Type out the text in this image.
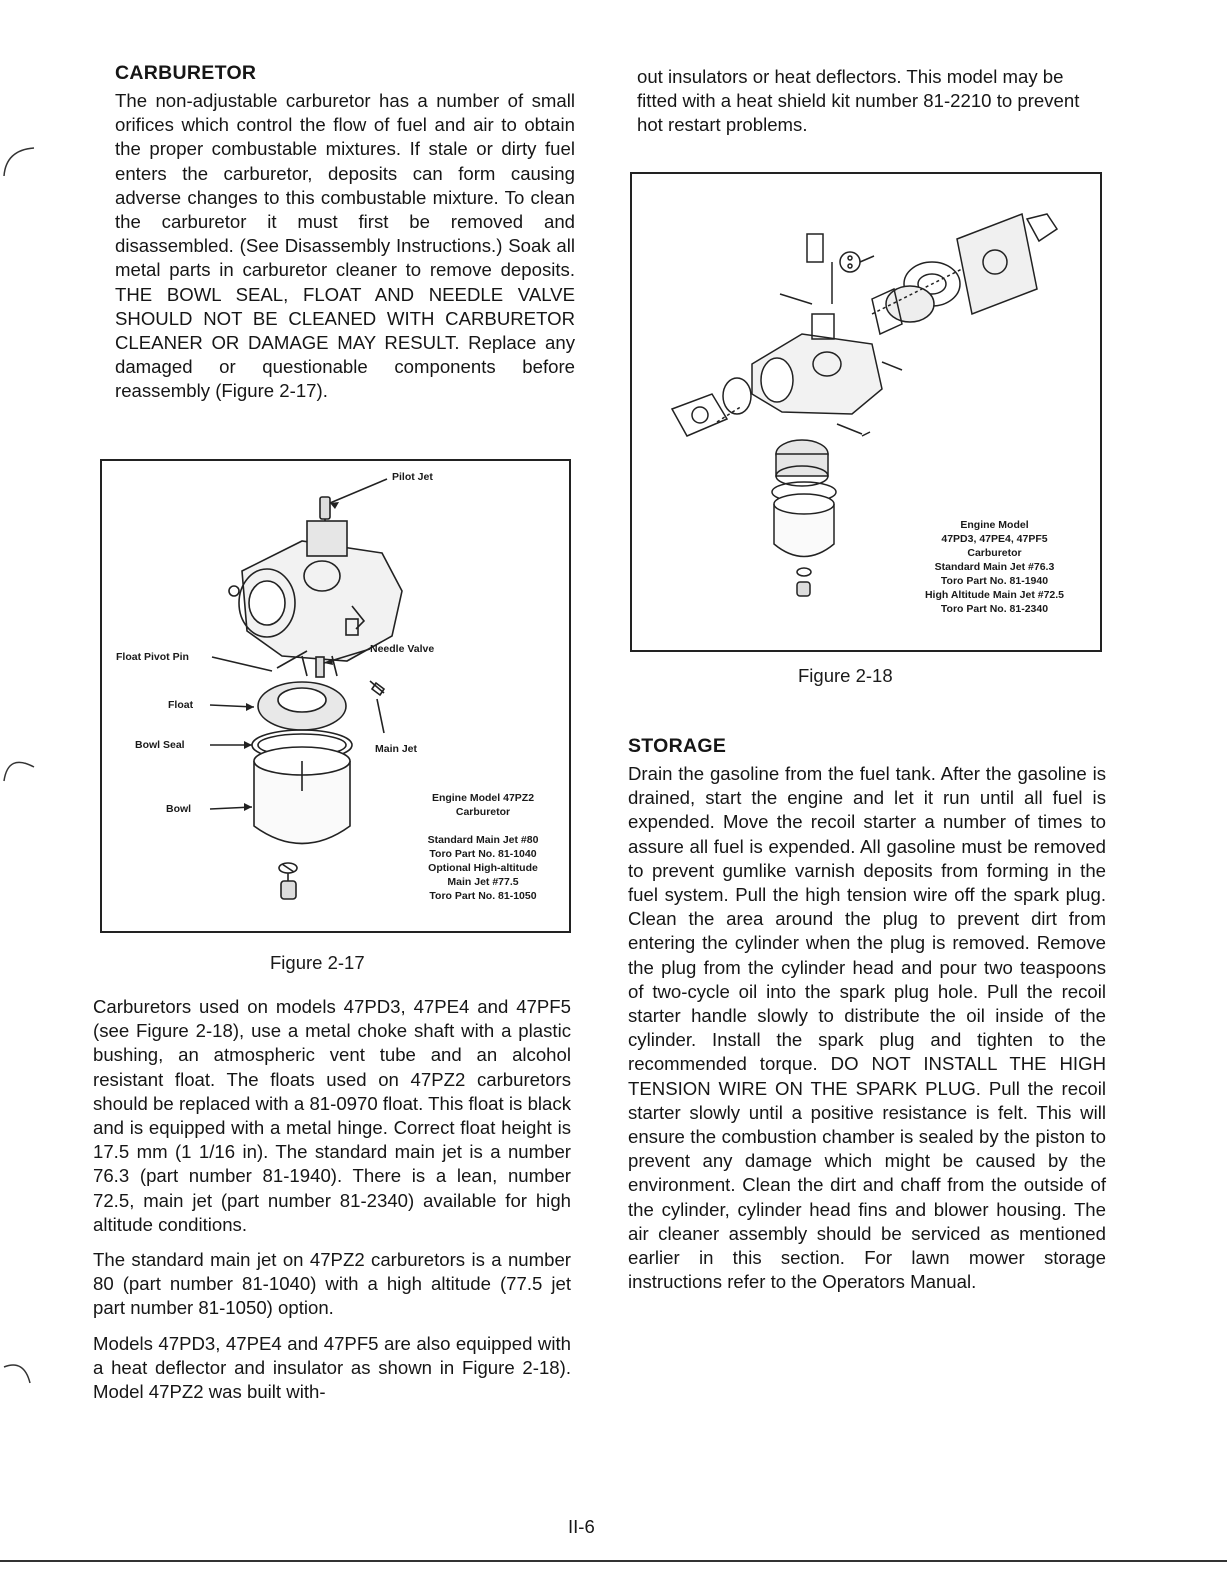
CARBURETOR

The non-adjustable carburetor has a number of small orifices which control the flow of fuel and air to obtain the proper combustable mixtures. If stale or dirty fuel enters the carburetor, deposits can form causing adverse changes to this combustable mixture. To clean the carburetor it must first be removed and disassembled. (See Disassembly Instructions.) Soak all metal parts in carburetor cleaner to remove deposits. THE BOWL SEAL, FLOAT AND NEEDLE VALVE SHOULD NOT BE CLEANED WITH CARBURETOR CLEANER OR DAMAGE MAY RESULT. Replace any damaged or questionable components before reassembly (Figure 2-17).

Pilot Jet
Float Pivot Pin
Needle Valve
Float
Bowl Seal	Main Jet
Bowl
Engine Model 47PZ2
Carburetor
Standard Main Jet #80
Toro Part No. 81-1040
Optional High-altitude
Main Jet #77.5
Toro Part No. 81-1050
Figure 2-17

Carburetors used on models 47PD3, 47PE4 and 47PF5 (see Figure 2-18), use a metal choke shaft with a plastic bushing, an atmospheric vent tube and an alcohol resistant float. The floats used on 47PZ2 carburetors should be replaced with a 81-0970 float. This float is black and is equipped with a metal hinge. Correct float height is 17.5 mm (1 1/16 in). The standard main jet is a number 76.3 (part number 81-1940). There is a lean, number 72.5, main jet (part number 81-2340) available for high altitude conditions.

The standard main jet on 47PZ2 carburetors is a number 80 (part number 81-1040) with a high altitude (77.5 jet part number 81-1050) option.

Models 47PD3, 47PE4 and 47PF5 are also equipped with a heat deflector and insulator as shown in Figure 2-18). Model 47PZ2 was built with-

out insulators or heat deflectors. This model may be fitted with a heat shield kit number 81-2210 to prevent hot restart problems.

Engine Model
47PD3, 47PE4, 47PF5
Carburetor
Standard Main Jet #76.3
Toro Part No. 81-1940
High Altitude Main Jet #72.5
Toro Part No. 81-2340
Figure 2-18
STORAGE

Drain the gasoline from the fuel tank. After the gasoline is drained, start the engine and let it run until all fuel is expended. Move the recoil starter a number of times to assure all fuel is expended. All gasoline must be removed to prevent gumlike varnish deposits from forming in the fuel system. Pull the high tension wire off the spark plug. Clean the area around the plug to prevent dirt from entering the cylinder when the plug is removed. Remove the plug from the cylinder head and pour two teaspoons of two-cycle oil into the spark plug hole. Pull the recoil starter handle slowly to distribute the oil inside of the cylinder. Install the spark plug and tighten to the recommended torque. DO NOT INSTALL THE HIGH TENSION WIRE ON THE SPARK PLUG. Pull the recoil starter slowly until a positive resistance is felt. This will ensure the combustion chamber is sealed by the piston to prevent any damage which might be caused by the environment. Clean the dirt and chaff from the outside of the cylinder, cylinder head fins and blower housing. The air cleaner assembly should be serviced as mentioned earlier in this section. For lawn mower storage instructions refer to the Operators Manual.

II-6
